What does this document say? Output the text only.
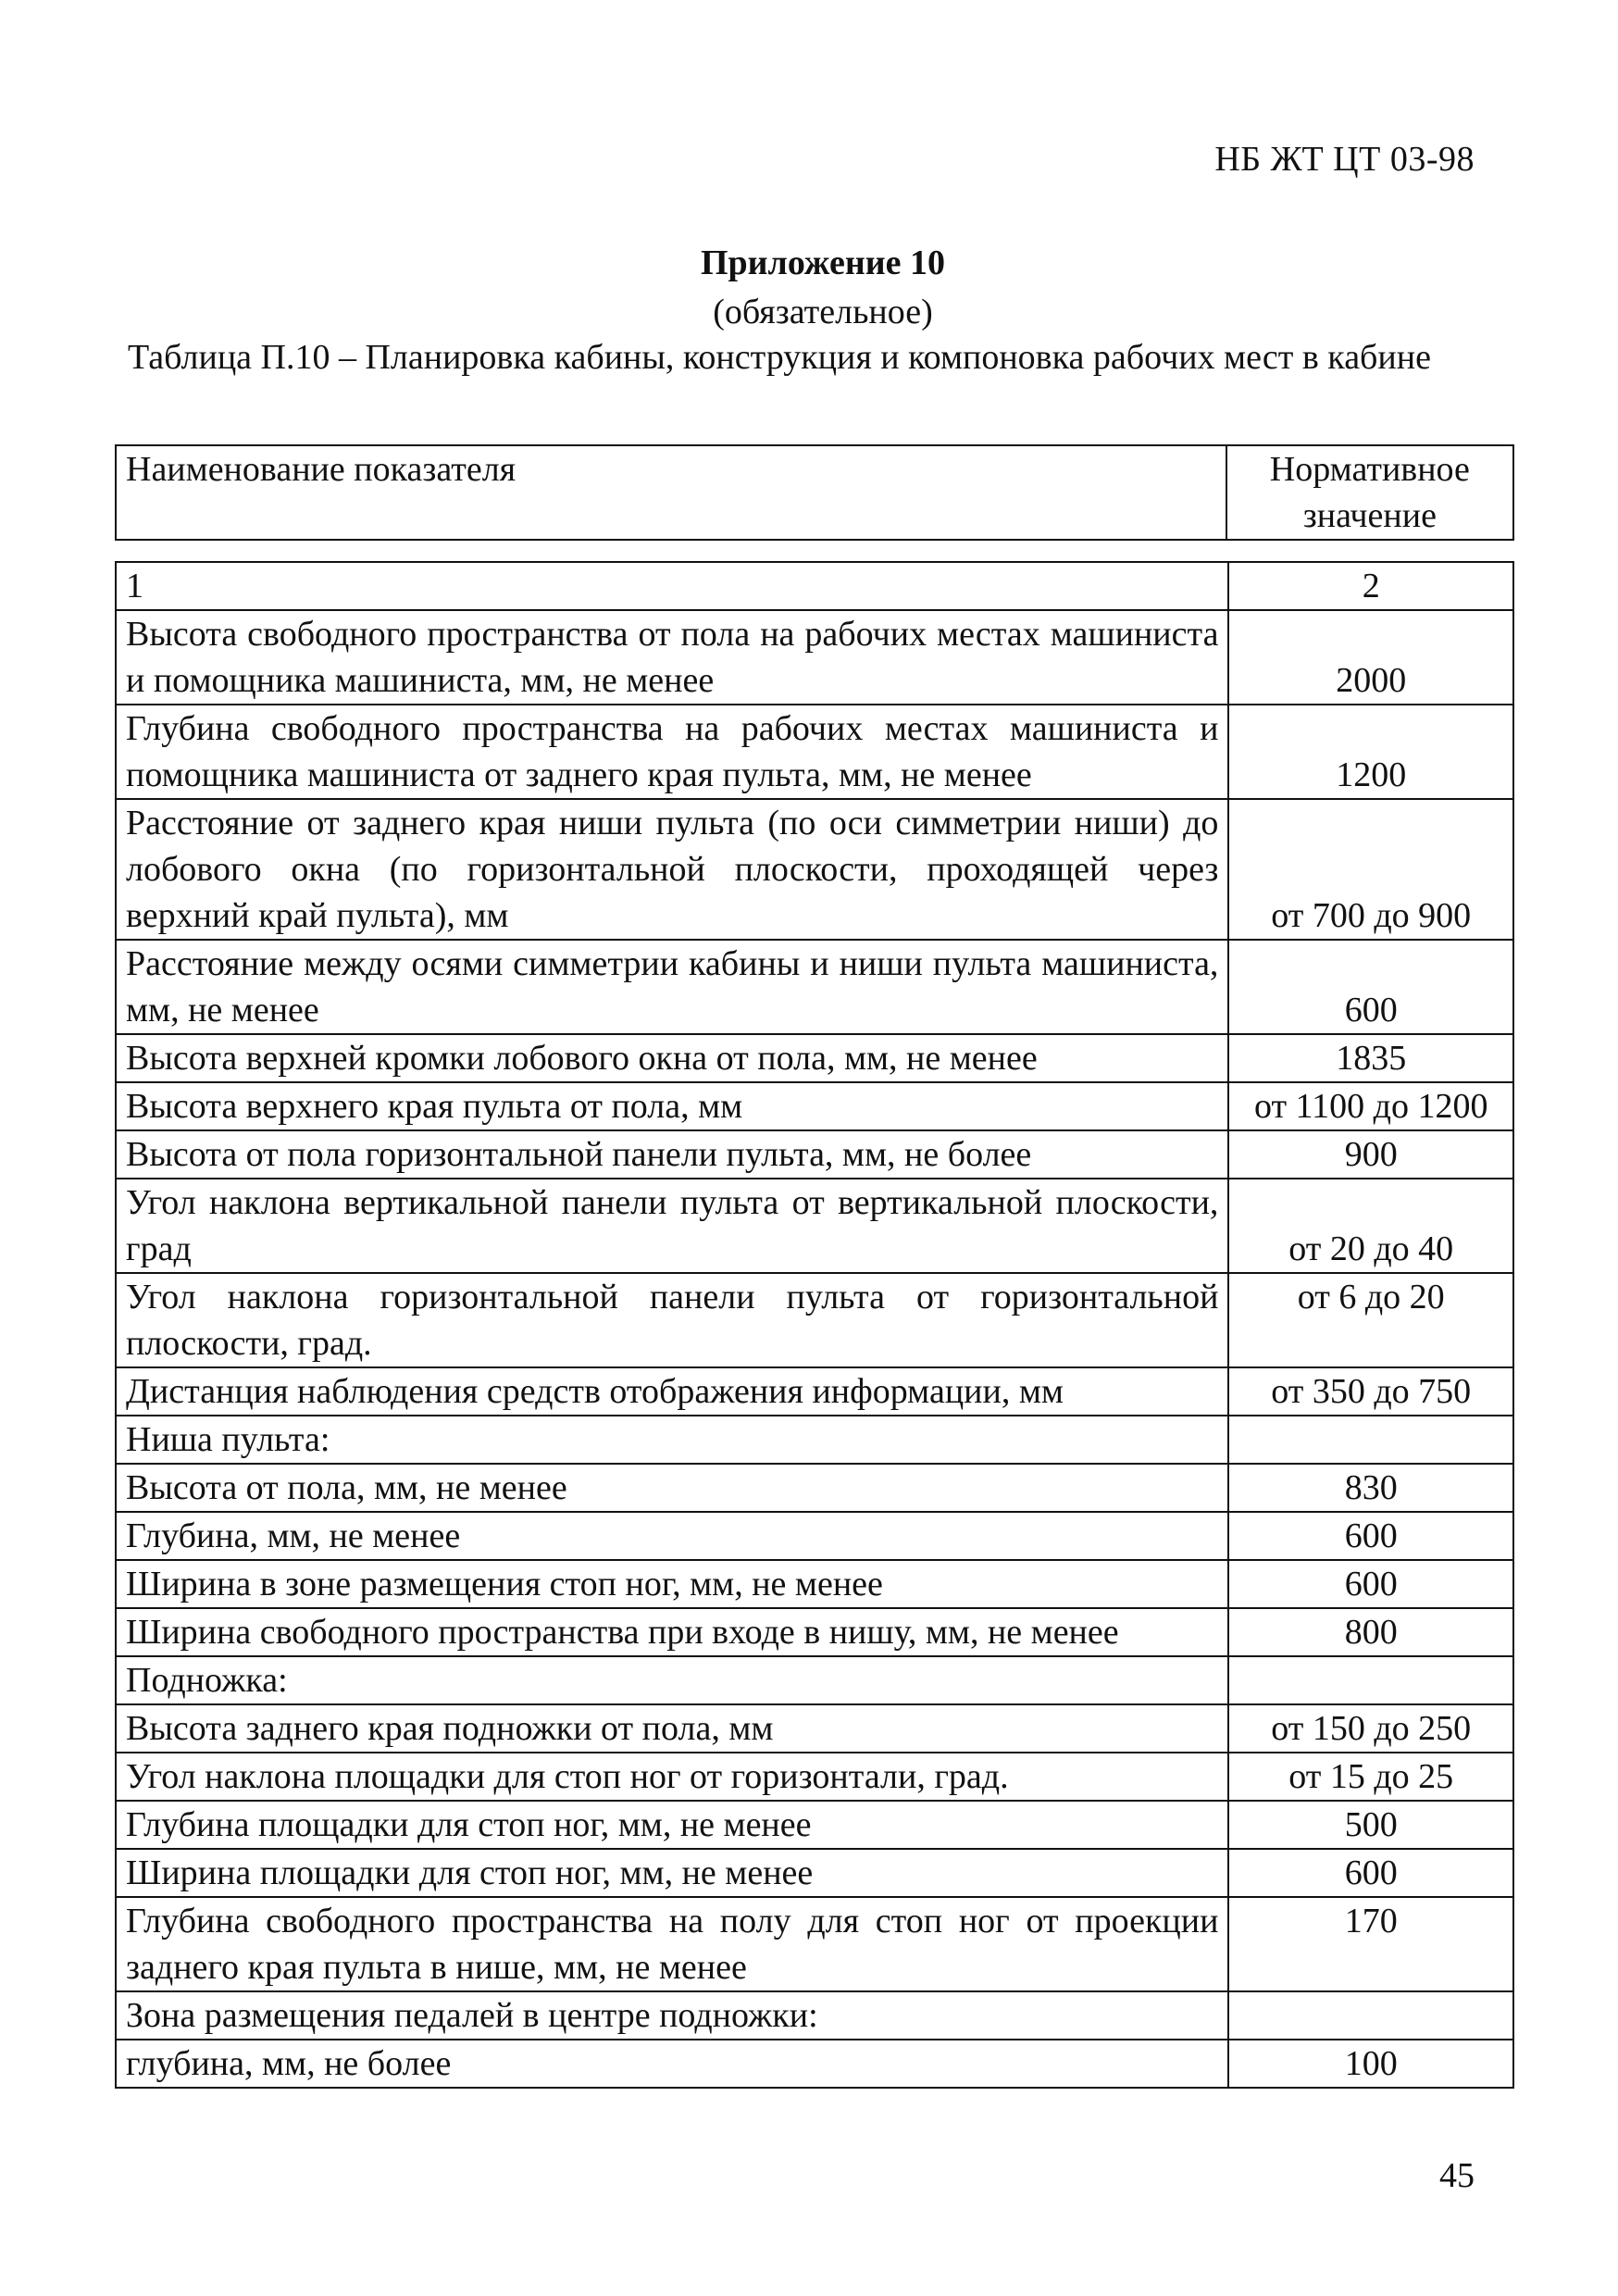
НБ ЖТ ЦТ 03-98
Приложение 10
(обязательное)
Таблица П.10 – Планировка кабины, конструкция и компоновка рабочих мест в кабине
Наименование показателя	Нормативное значение
1	2
Высота свободного пространства от пола на рабочих местах машиниста и помощника машиниста, мм, не менее	2000
Глубина свободного пространства на рабочих местах машиниста и помощника машиниста от заднего края пульта, мм, не менее	1200
Расстояние от заднего края ниши пульта (по оси симметрии ниши) до лобового окна (по горизонтальной плоскости, проходящей через верхний край пульта), мм	от 700 до 900
Расстояние между осями симметрии кабины и ниши пульта машиниста, мм, не менее	600
Высота верхней кромки лобового окна от пола, мм, не менее	1835
Высота верхнего края пульта от пола, мм	от 1100 до 1200
Высота от пола горизонтальной панели пульта, мм, не более	900
Угол наклона вертикальной панели пульта от вертикальной плоскости, град	от 20 до 40
Угол наклона горизонтальной панели пульта от горизонтальной плоскости, град.	от 6 до 20
Дистанция наблюдения средств отображения информации, мм	от 350 до 750
Ниша пульта:	
Высота от пола, мм, не менее	830
Глубина, мм, не менее	600
Ширина в зоне размещения стоп ног, мм, не менее	600
Ширина свободного пространства при входе в нишу, мм, не менее	800
Подножка:	
Высота заднего края подножки от пола, мм	от 150 до 250
Угол наклона площадки для стоп ног от горизонтали, град.	от 15 до 25
Глубина площадки для стоп ног, мм, не менее	500
Ширина площадки для стоп ног, мм, не менее	600
Глубина свободного пространства на полу для стоп ног от проекции заднего края пульта в нише, мм, не менее	170
Зона размещения педалей в центре подножки:	
глубина, мм, не более	100
45
